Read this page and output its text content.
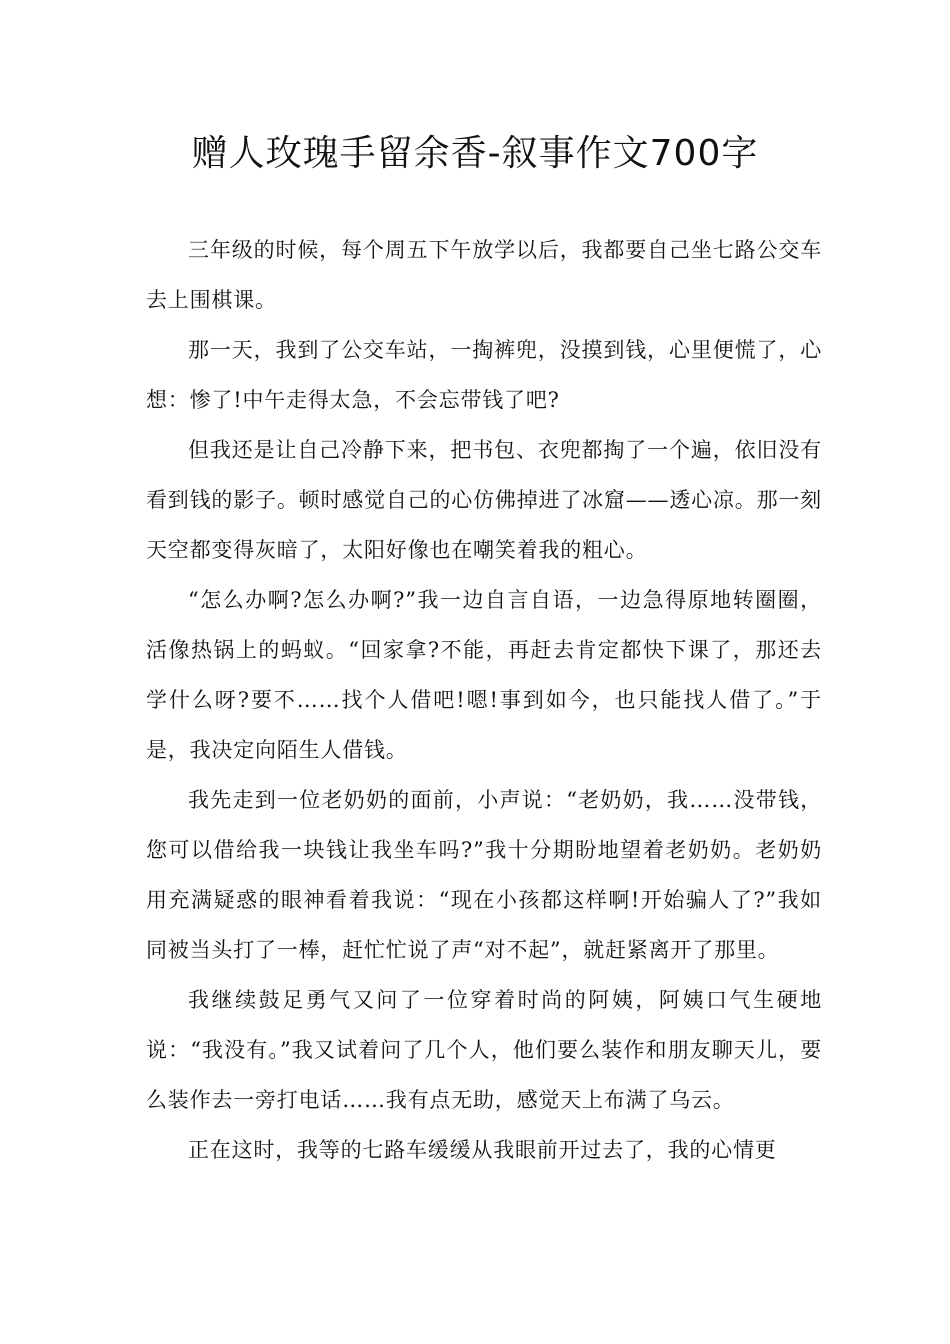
赠人玫瑰手留余香-叙事作文700字

三年级的时候，每个周五下午放学以后，我都要自己坐七路公交车去上围棋课。

那一天，我到了公交车站，一掏裤兜，没摸到钱，心里便慌了，心想：惨了!中午走得太急，不会忘带钱了吧?

但我还是让自己冷静下来，把书包、衣兜都掏了一个遍，依旧没有看到钱的影子。顿时感觉自己的心仿佛掉进了冰窟——透心凉。那一刻天空都变得灰暗了，太阳好像也在嘲笑着我的粗心。

“怎么办啊?怎么办啊?”我一边自言自语，一边急得原地转圈圈，活像热锅上的蚂蚁。“回家拿?不能，再赶去肯定都快下课了，那还去学什么呀?要不……找个人借吧!嗯!事到如今，也只能找人借了。”于是，我决定向陌生人借钱。

我先走到一位老奶奶的面前，小声说：“老奶奶，我……没带钱，您可以借给我一块钱让我坐车吗?”我十分期盼地望着老奶奶。老奶奶用充满疑惑的眼神看着我说：“现在小孩都这样啊!开始骗人了?”我如同被当头打了一棒，赶忙忙说了声“对不起”，就赶紧离开了那里。

我继续鼓足勇气又问了一位穿着时尚的阿姨，阿姨口气生硬地说：“我没有。”我又试着问了几个人，他们要么装作和朋友聊天儿，要么装作去一旁打电话……我有点无助，感觉天上布满了乌云。

正在这时，我等的七路车缓缓从我眼前开过去了，我的心情更
